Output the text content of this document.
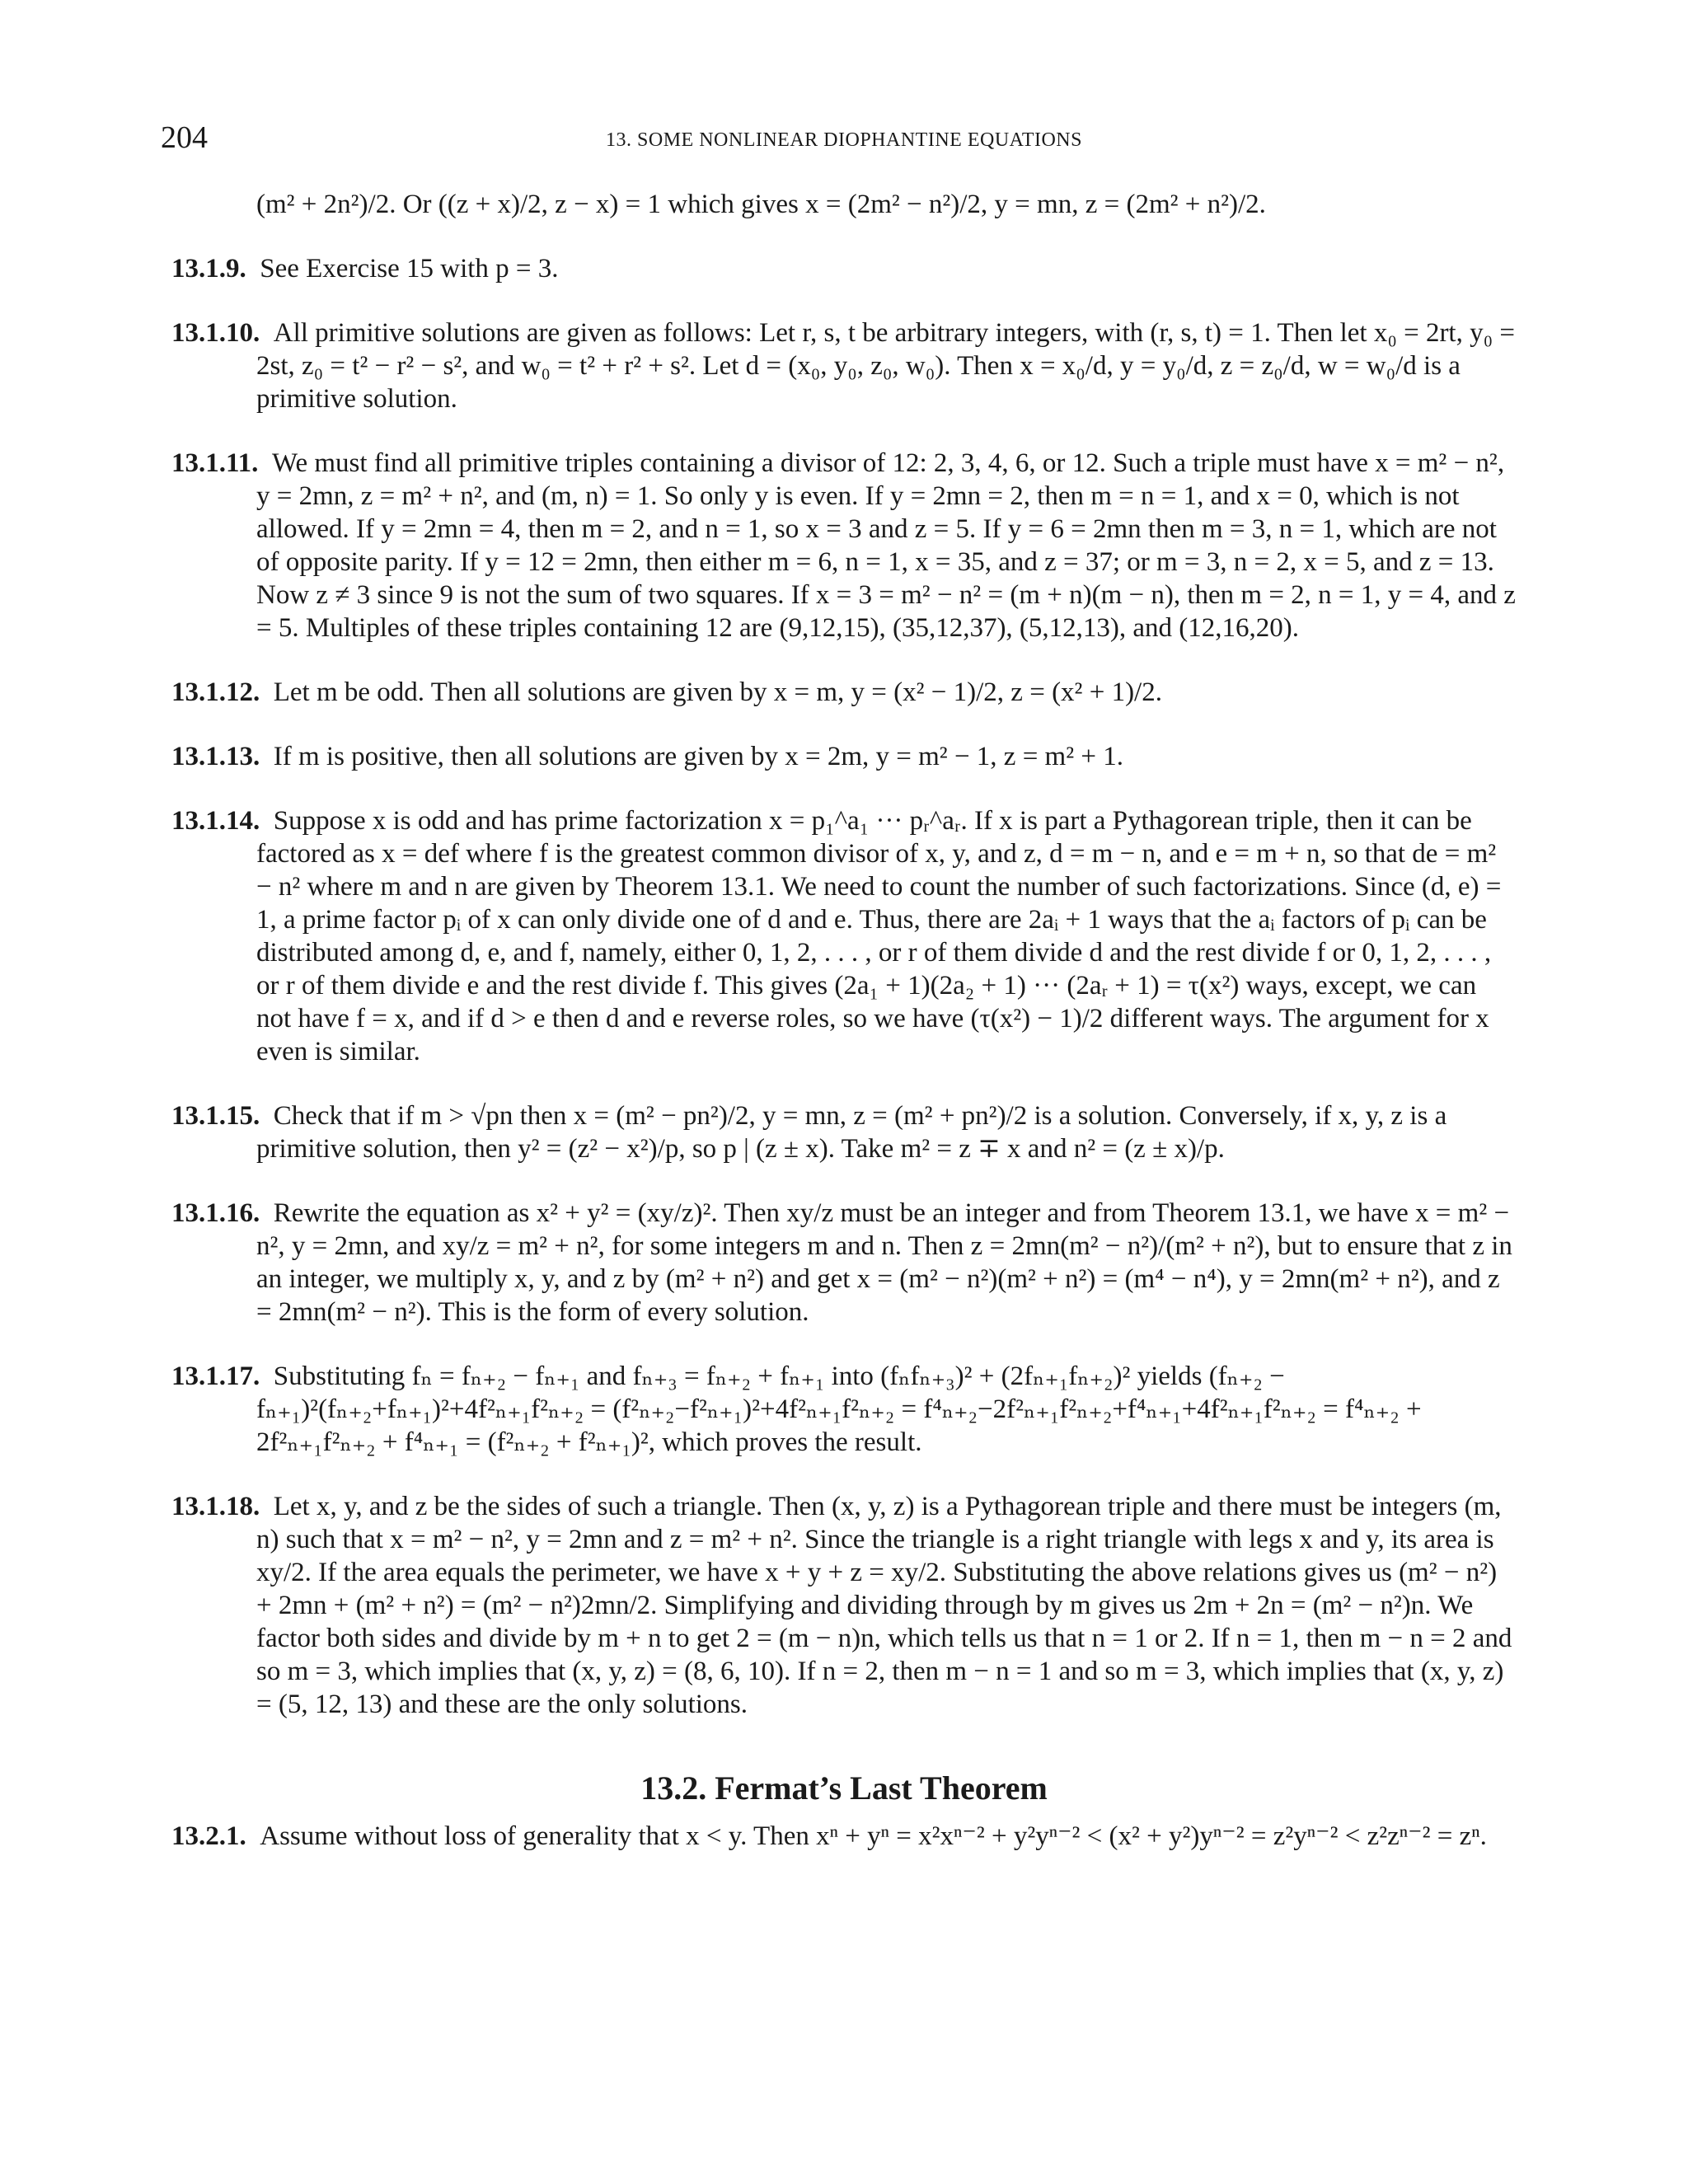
204	13. SOME NONLINEAR DIOPHANTINE EQUATIONS
(m² + 2n²)/2. Or ((z + x)/2, z − x) = 1 which gives x = (2m² − n²)/2, y = mn, z = (2m² + n²)/2.
13.1.9. See Exercise 15 with p = 3.
13.1.10. All primitive solutions are given as follows: Let r, s, t be arbitrary integers, with (r, s, t) = 1. Then let x₀ = 2rt, y₀ = 2st, z₀ = t² − r² − s², and w₀ = t² + r² + s². Let d = (x₀, y₀, z₀, w₀). Then x = x₀/d, y = y₀/d, z = z₀/d, w = w₀/d is a primitive solution.
13.1.11. We must find all primitive triples containing a divisor of 12: 2, 3, 4, 6, or 12. Such a triple must have x = m² − n², y = 2mn, z = m² + n², and (m, n) = 1. So only y is even. If y = 2mn = 2, then m = n = 1, and x = 0, which is not allowed. If y = 2mn = 4, then m = 2, and n = 1, so x = 3 and z = 5. If y = 6 = 2mn then m = 3, n = 1, which are not of opposite parity. If y = 12 = 2mn, then either m = 6, n = 1, x = 35, and z = 37; or m = 3, n = 2, x = 5, and z = 13. Now z ≠ 3 since 9 is not the sum of two squares. If x = 3 = m² − n² = (m + n)(m − n), then m = 2, n = 1, y = 4, and z = 5. Multiples of these triples containing 12 are (9,12,15), (35,12,37), (5,12,13), and (12,16,20).
13.1.12. Let m be odd. Then all solutions are given by x = m, y = (x² − 1)/2, z = (x² + 1)/2.
13.1.13. If m is positive, then all solutions are given by x = 2m, y = m² − 1, z = m² + 1.
13.1.14. Suppose x is odd and has prime factorization x = p₁^a₁ ··· pᵣ^aᵣ. If x is part a Pythagorean triple, then it can be factored as x = def where f is the greatest common divisor of x, y, and z, d = m − n, and e = m + n, so that de = m² − n² where m and n are given by Theorem 13.1. We need to count the number of such factorizations. Since (d, e) = 1, a prime factor pᵢ of x can only divide one of d and e. Thus, there are 2aᵢ + 1 ways that the aᵢ factors of pᵢ can be distributed among d, e, and f, namely, either 0, 1, 2, . . . , or r of them divide d and the rest divide f or 0, 1, 2, . . . , or r of them divide e and the rest divide f. This gives (2a₁ + 1)(2a₂ + 1) ··· (2aᵣ + 1) = τ(x²) ways, except, we can not have f = x, and if d > e then d and e reverse roles, so we have (τ(x²) − 1)/2 different ways. The argument for x even is similar.
13.1.15. Check that if m > √pn then x = (m² − pn²)/2, y = mn, z = (m² + pn²)/2 is a solution. Conversely, if x, y, z is a primitive solution, then y² = (z² − x²)/p, so p | (z ± x). Take m² = z ∓ x and n² = (z ± x)/p.
13.1.16. Rewrite the equation as x² + y² = (xy/z)². Then xy/z must be an integer and from Theorem 13.1, we have x = m² − n², y = 2mn, and xy/z = m² + n², for some integers m and n. Then z = 2mn(m² − n²)/(m² + n²), but to ensure that z in an integer, we multiply x, y, and z by (m² + n²) and get x = (m² − n²)(m² + n²) = (m⁴ − n⁴), y = 2mn(m² + n²), and z = 2mn(m² − n²). This is the form of every solution.
13.1.17. Substituting fₙ = fₙ₊₂ − fₙ₊₁ and fₙ₊₃ = fₙ₊₂ + fₙ₊₁ into (fₙfₙ₊₃)² + (2fₙ₊₁fₙ₊₂)² yields (fₙ₊₂ − fₙ₊₁)²(fₙ₊₂+fₙ₊₁)²+4f²ₙ₊₁f²ₙ₊₂ = (f²ₙ₊₂−f²ₙ₊₁)²+4f²ₙ₊₁f²ₙ₊₂ = f⁴ₙ₊₂−2f²ₙ₊₁f²ₙ₊₂+f⁴ₙ₊₁+4f²ₙ₊₁f²ₙ₊₂ = f⁴ₙ₊₂ + 2f²ₙ₊₁f²ₙ₊₂ + f⁴ₙ₊₁ = (f²ₙ₊₂ + f²ₙ₊₁)², which proves the result.
13.1.18. Let x, y, and z be the sides of such a triangle. Then (x, y, z) is a Pythagorean triple and there must be integers (m, n) such that x = m² − n², y = 2mn and z = m² + n². Since the triangle is a right triangle with legs x and y, its area is xy/2. If the area equals the perimeter, we have x + y + z = xy/2. Substituting the above relations gives us (m² − n²) + 2mn + (m² + n²) = (m² − n²)2mn/2. Simplifying and dividing through by m gives us 2m + 2n = (m² − n²)n. We factor both sides and divide by m + n to get 2 = (m − n)n, which tells us that n = 1 or 2. If n = 1, then m − n = 2 and so m = 3, which implies that (x, y, z) = (8, 6, 10). If n = 2, then m − n = 1 and so m = 3, which implies that (x, y, z) = (5, 12, 13) and these are the only solutions.
13.2. Fermat’s Last Theorem
13.2.1. Assume without loss of generality that x < y. Then xⁿ + yⁿ = x²xⁿ⁻² + y²yⁿ⁻² < (x² + y²)yⁿ⁻² = z²yⁿ⁻² < z²zⁿ⁻² = zⁿ.
